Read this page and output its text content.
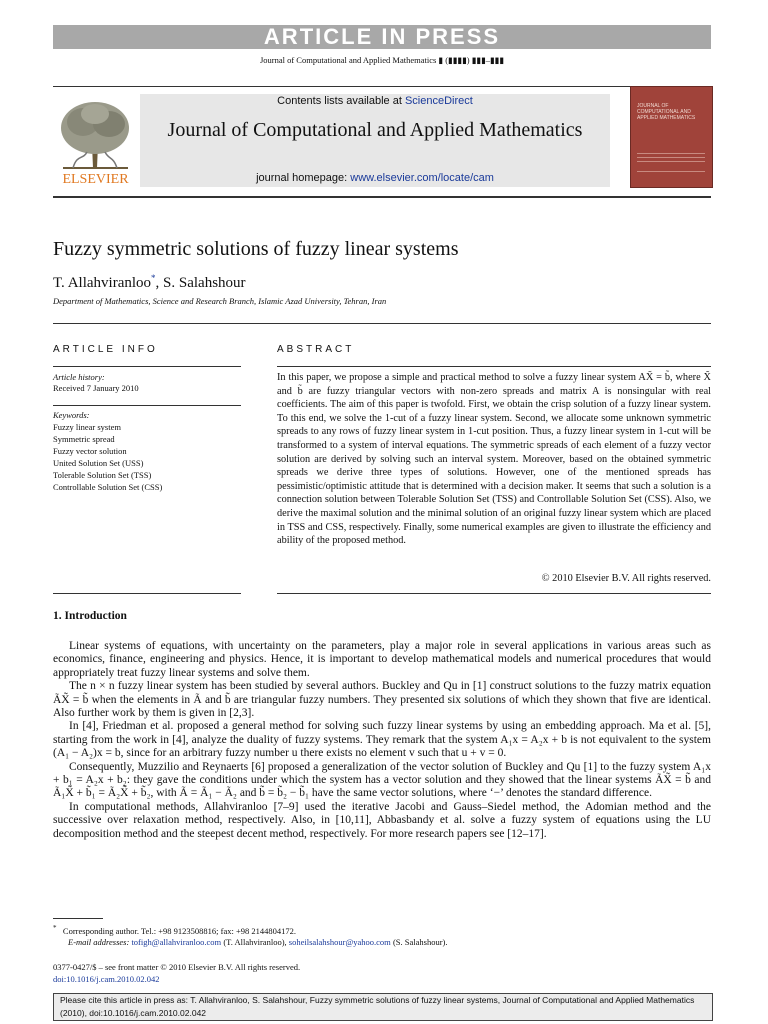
ARTICLE IN PRESS
Journal of Computational and Applied Mathematics ▮ (▮▮▮▮) ▮▮▮–▮▮▮
ELSEVIER
Contents lists available at ScienceDirect
Journal of Computational and Applied Mathematics
journal homepage: www.elsevier.com/locate/cam
JOURNAL OF COMPUTATIONAL AND APPLIED MATHEMATICS
Fuzzy symmetric solutions of fuzzy linear systems
T. Allahviranloo*, S. Salahshour
Department of Mathematics, Science and Research Branch, Islamic Azad University, Tehran, Iran
ARTICLE INFO
Article history:
Received 7 January 2010
Keywords:
Fuzzy linear system
Symmetric spread
Fuzzy vector solution
United Solution Set (USS)
Tolerable Solution Set (TSS)
Controllable Solution Set (CSS)
ABSTRACT
In this paper, we propose a simple and practical method to solve a fuzzy linear system AX̃ = b̃, where X̃ and b̃ are fuzzy triangular vectors with non-zero spreads and matrix A is nonsingular with real coefficients. The aim of this paper is twofold. First, we obtain the crisp solution of a fuzzy linear system. To this end, we solve the 1-cut of a fuzzy linear system. Second, we allocate some unknown symmetric spreads to any rows of fuzzy linear system in 1-cut position. Thus, a fuzzy linear system in 1-cut will be transformed to a system of interval equations. The symmetric spreads of each element of a fuzzy vector solution are derived by solving such an interval system. Moreover, based on the obtained symmetric spreads we derive three types of solutions. However, one of the mentioned spreads has pessimistic/optimistic attitude that is determined with a decision maker. It seems that such a solution is a connection solution between Tolerable Solution Set (TSS) and Controllable Solution Set (CSS). Also, we derive the maximal solution and the minimal solution of an original fuzzy linear system which are placed in TSS and CSS, respectively. Finally, some numerical examples are given to illustrate the efficiency and ability of the proposed method.
© 2010 Elsevier B.V. All rights reserved.
1. Introduction

Linear systems of equations, with uncertainty on the parameters, play a major role in several applications in various areas such as economics, finance, engineering and physics. Hence, it is important to develop mathematical models and numerical procedures that would appropriately treat fuzzy linear systems and solve them.

The n × n fuzzy linear system has been studied by several authors. Buckley and Qu in [1] construct solutions to the fuzzy matrix equation ÃX̃ = b̃ when the elements in Ã and b̃ are triangular fuzzy numbers. They presented six solutions of which they shown that five are identical. Also further work by them is given in [2,3].

In [4], Friedman et al. proposed a general method for solving such fuzzy linear systems by using an embedding approach. Ma et al. [5], starting from the work in [4], analyze the duality of fuzzy systems. They remark that the system A₁x = A₂x + b is not equivalent to the system (A₁ − A₂)x = b, since for an arbitrary fuzzy number u there exists no element v such that u + v = 0.

Consequently, Muzzilio and Reynaerts [6] proposed a generalization of the vector solution of Buckley and Qu [1] to the fuzzy system A₁x + b₁ = A₂x + b₂: they gave the conditions under which the system has a vector solution and they showed that the linear systems ÃX̃ = b̃ and Ã₁X̃ + b̃₁ = Ã₂X̃ + b̃₂, with Ã = Ã₁ − Ã₂ and b̃ = b̃₂ − b̃₁ have the same vector solutions, where ‘−’ denotes the standard difference.

In computational methods, Allahviranloo [7–9] used the iterative Jacobi and Gauss–Siedel method, the Adomian method and the successive over relaxation method, respectively. Also, in [10,11], Abbasbandy et al. solve a fuzzy system of equations using the LU decomposition method and the steepest decent method, respectively. For more research papers see [12–17].

* Corresponding author. Tel.: +98 9123508816; fax: +98 2144804172.
E-mail addresses: tofigh@allahviranloo.com (T. Allahviranloo), soheilsalahshour@yahoo.com (S. Salahshour).
0377-0427/$ – see front matter © 2010 Elsevier B.V. All rights reserved.
doi:10.1016/j.cam.2010.02.042
Please cite this article in press as: T. Allahviranloo, S. Salahshour, Fuzzy symmetric solutions of fuzzy linear systems, Journal of Computational and Applied Mathematics (2010), doi:10.1016/j.cam.2010.02.042
